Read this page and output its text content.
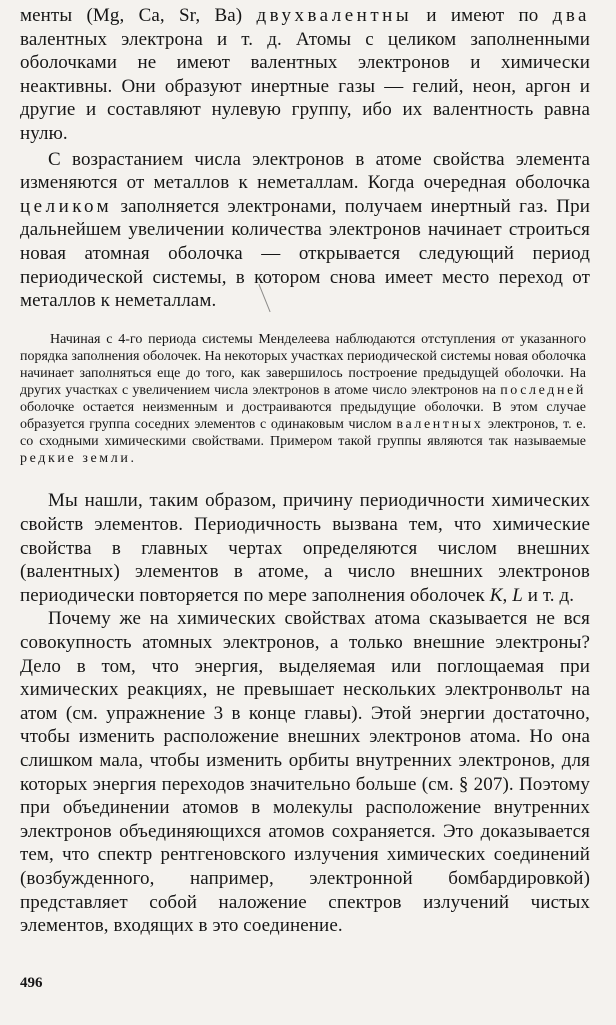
менты (Mg, Ca, Sr, Ba) двухвалентны и имеют по два валентных электрона и т. д. Атомы с целиком заполненными оболочками не имеют валентных электронов и химически неактивны. Они образуют инертные газы — гелий, неон, аргон и другие и составляют нулевую группу, ибо их валентность равна нулю.

С возрастанием числа электронов в атоме свойства элемента изменяются от металлов к неметаллам. Когда очередная оболочка целиком заполняется электронами, получаем инертный газ. При дальнейшем увеличении количества электронов начинает строиться новая атомная оболочка — открывается следующий период периодической системы, в котором снова имеет место переход от металлов к неметаллам.

Начиная с 4-го периода системы Менделеева наблюдаются отступления от указанного порядка заполнения оболочек. На некоторых участках периодической системы новая оболочка начинает заполняться еще до того, как завершилось построение предыдущей оболочки. На других участках с увеличением числа электронов в атоме число электронов на последней оболочке остается неизменным и достраиваются предыдущие оболочки. В этом случае образуется группа соседних элементов с одинаковым числом валентных электронов, т. е. со сходными химическими свойствами. Примером такой группы являются так называемые редкие земли.

Мы нашли, таким образом, причину периодичности химических свойств элементов. Периодичность вызвана тем, что химические свойства в главных чертах определяются числом внешних (валентных) элементов в атоме, а число внешних электронов периодически повторяется по мере заполнения оболочек K, L и т. д.

Почему же на химических свойствах атома сказывается не вся совокупность атомных электронов, а только внешние электроны? Дело в том, что энергия, выделяемая или поглощаемая при химических реакциях, не превышает нескольких электронвольт на атом (см. упражнение 3 в конце главы). Этой энергии достаточно, чтобы изменить расположение внешних электронов атома. Но она слишком мала, чтобы изменить орбиты внутренних электронов, для которых энергия переходов значительно больше (см. § 207). Поэтому при объединении атомов в молекулы расположение внутренних электронов объединяющихся атомов сохраняется. Это доказывается тем, что спектр рентгеновского излучения химических соединений (возбужденного, например, электронной бомбардировкой) представляет собой наложение спектров излучений чистых элементов, входящих в это соединение.

496
